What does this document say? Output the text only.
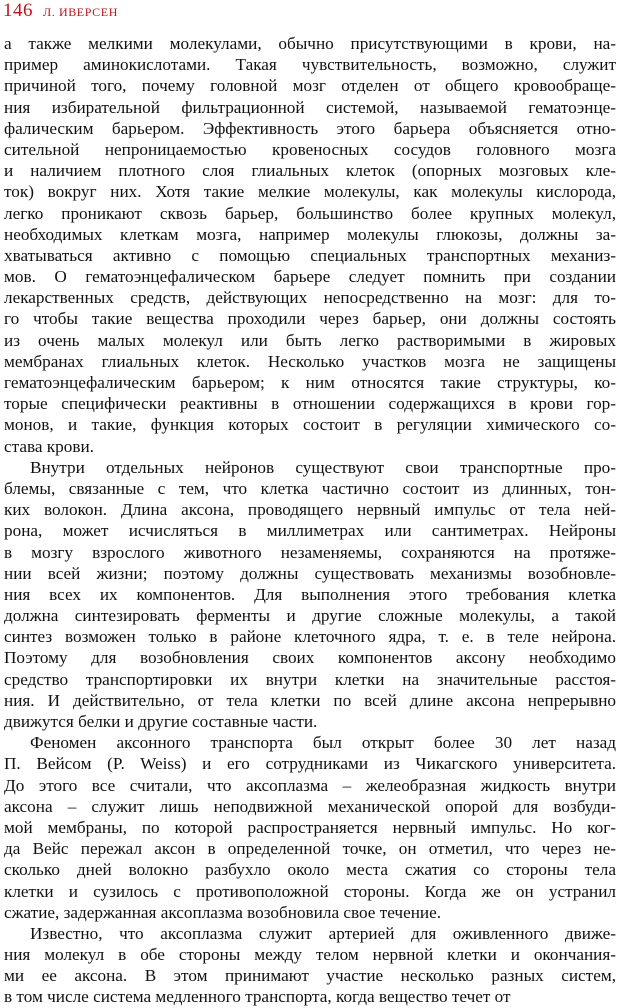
146 Л. ИВЕРСЕН
а также мелкими молекулами, обычно присутствующими в крови, на-
пример аминокислотами. Такая чувствительность, возможно, служит
причиной того, почему головной мозг отделен от общего кровообраще-
ния избирательной фильтрационной системой, называемой гематоэнце-
фалическим барьером. Эффективность этого барьера объясняется отно-
сительной непроницаемостью кровеносных сосудов головного мозга
и наличием плотного слоя глиальных клеток (опорных мозговых кле-
ток) вокруг них. Хотя такие мелкие молекулы, как молекулы кислорода,
легко проникают сквозь барьер, большинство более крупных молекул,
необходимых клеткам мозга, например молекулы глюкозы, должны за-
хватываться активно с помощью специальных транспортных механиз-
мов. О гематоэнцефалическом барьере следует помнить при создании
лекарственных средств, действующих непосредственно на мозг: для то-
го чтобы такие вещества проходили через барьер, они должны состоять
из очень малых молекул или быть легко растворимыми в жировых
мембранах глиальных клеток. Несколько участков мозга не защищены
гематоэнцефалическим барьером; к ним относятся такие структуры, ко-
торые специфически реактивны в отношении содержащихся в крови гор-
монов, и такие, функция которых состоит в регуляции химического со-
става крови.
Внутри отдельных нейронов существуют свои транспортные про-
блемы, связанные с тем, что клетка частично состоит из длинных, тон-
ких волокон. Длина аксона, проводящего нервный импульс от тела ней-
рона, может исчисляться в миллиметрах или сантиметрах. Нейроны
в мозгу взрослого животного незаменяемы, сохраняются на протяже-
нии всей жизни; поэтому должны существовать механизмы возобновле-
ния всех их компонентов. Для выполнения этого требования клетка
должна синтезировать ферменты и другие сложные молекулы, а такой
синтез возможен только в районе клеточного ядра, т. е. в теле нейрона.
Поэтому для возобновления своих компонентов аксону необходимо
средство транспортировки их внутри клетки на значительные расстоя-
ния. И действительно, от тела клетки по всей длине аксона непрерывно
движутся белки и другие составные части.
Феномен аксонного транспорта был открыт более 30 лет назад
П. Вейсом (P. Weiss) и его сотрудниками из Чикагского университета.
До этого все считали, что аксоплазма – желеобразная жидкость внутри
аксона – служит лишь неподвижной механической опорой для возбуди-
мой мембраны, по которой распространяется нервный импульс. Но ког-
да Вейс пережал аксон в определенной точке, он отметил, что через не-
сколько дней волокно разбухло около места сжатия со стороны тела
клетки и сузилось с противоположной стороны. Когда же он устранил
сжатие, задержанная аксоплазма возобновила свое течение.
Известно, что аксоплазма служит артерией для оживленного движе-
ния молекул в обе стороны между телом нервной клетки и окончания-
ми ее аксона. В этом принимают участие несколько разных систем,
в том числе система медленного транспорта, когда вещество течет от
